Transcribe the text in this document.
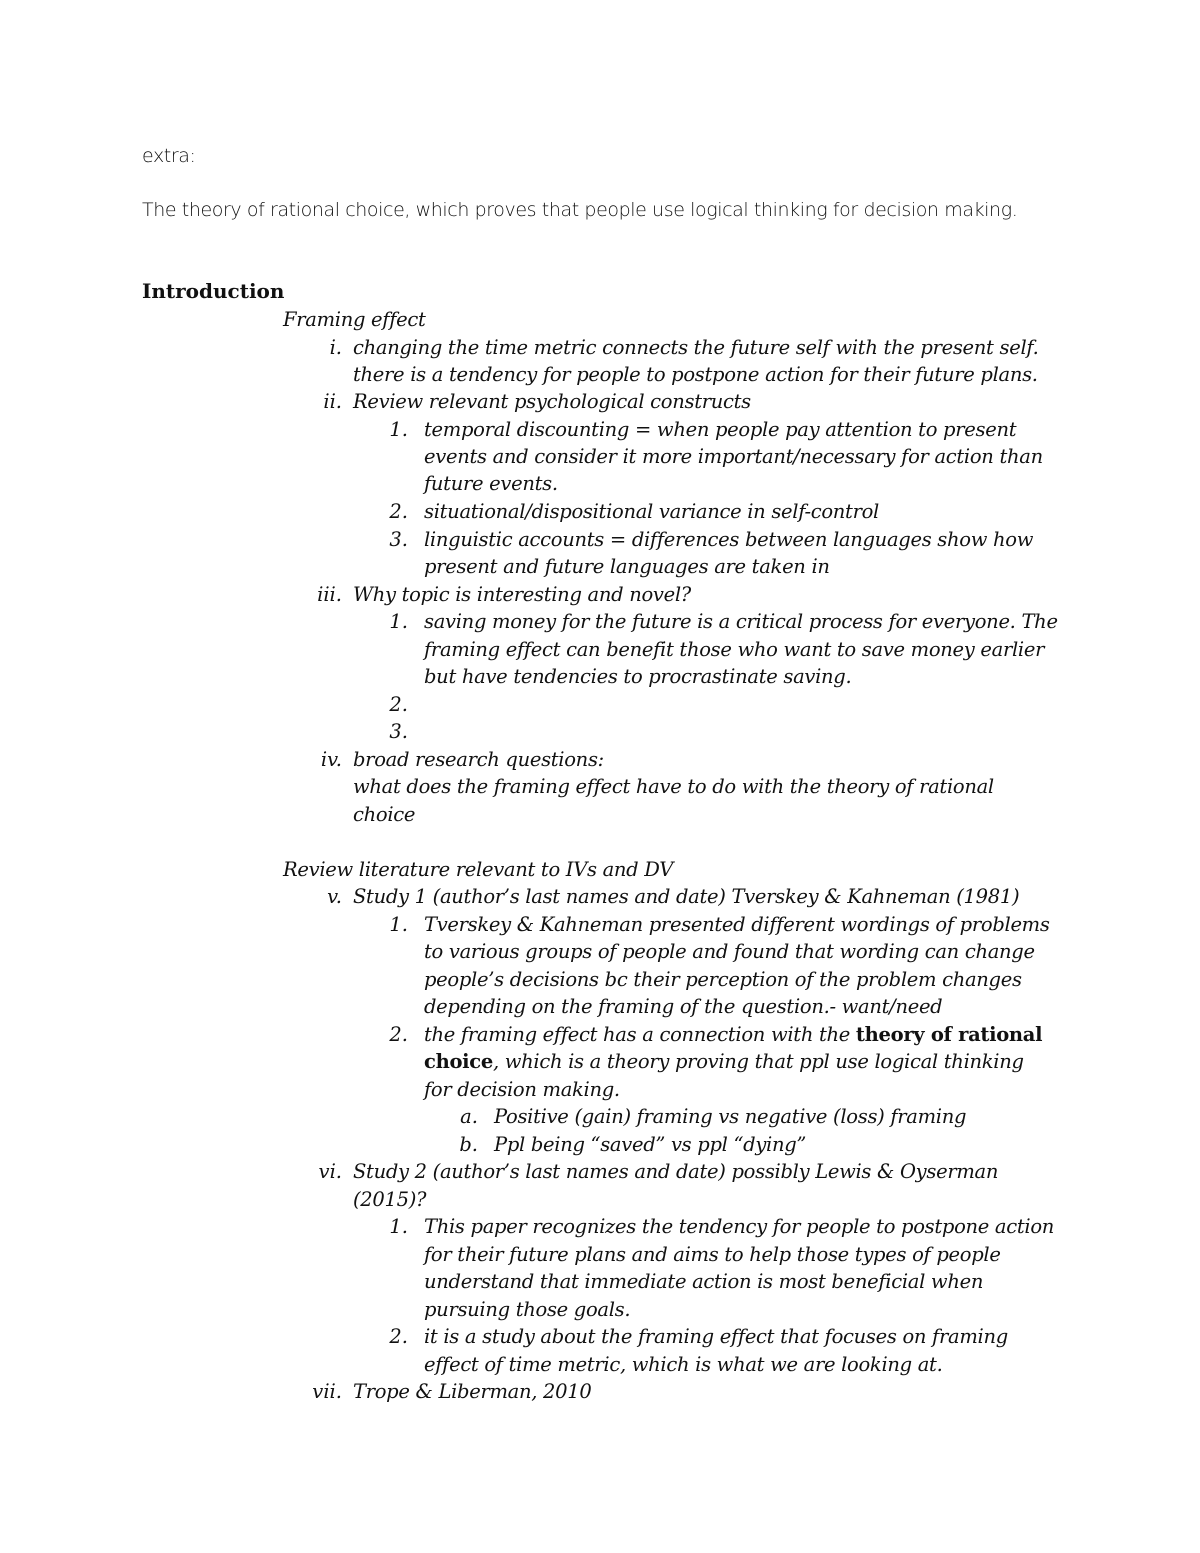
extra:
The theory of rational choice, which proves that people use logical thinking for decision making.
Introduction
Framing effect
i. changing the time metric connects the future self with the present self.
there is a tendency for people to postpone action for their future plans.
ii. Review relevant psychological constructs
1. temporal discounting = when people pay attention to present
events and consider it more important/necessary for action than
future events.
2. situational/dispositional variance in self-control
3. linguistic accounts = differences between languages show how
present and future languages are taken in
iii. Why topic is interesting and novel?
1. saving money for the future is a critical process for everyone. The
framing effect can benefit those who want to save money earlier
but have tendencies to procrastinate saving.
2.
3.
iv. broad research questions:
what does the framing effect have to do with the theory of rational
choice
Review literature relevant to IVs and DV
v. Study 1 (author’s last names and date) Tverskey & Kahneman (1981)
1. Tverskey & Kahneman presented different wordings of problems
to various groups of people and found that wording can change
people’s decisions bc their perception of the problem changes
depending on the framing of the question.- want/need
2. the framing effect has a connection with the theory of rational
choice, which is a theory proving that ppl use logical thinking
for decision making.
a. Positive (gain) framing vs negative (loss) framing
b. Ppl being “saved” vs ppl “dying”
vi. Study 2 (author’s last names and date) possibly Lewis & Oyserman
(2015)?
1. This paper recognizes the tendency for people to postpone action
for their future plans and aims to help those types of people
understand that immediate action is most beneficial when
pursuing those goals.
2. it is a study about the framing effect that focuses on framing
effect of time metric, which is what we are looking at.
vii. Trope & Liberman, 2010
